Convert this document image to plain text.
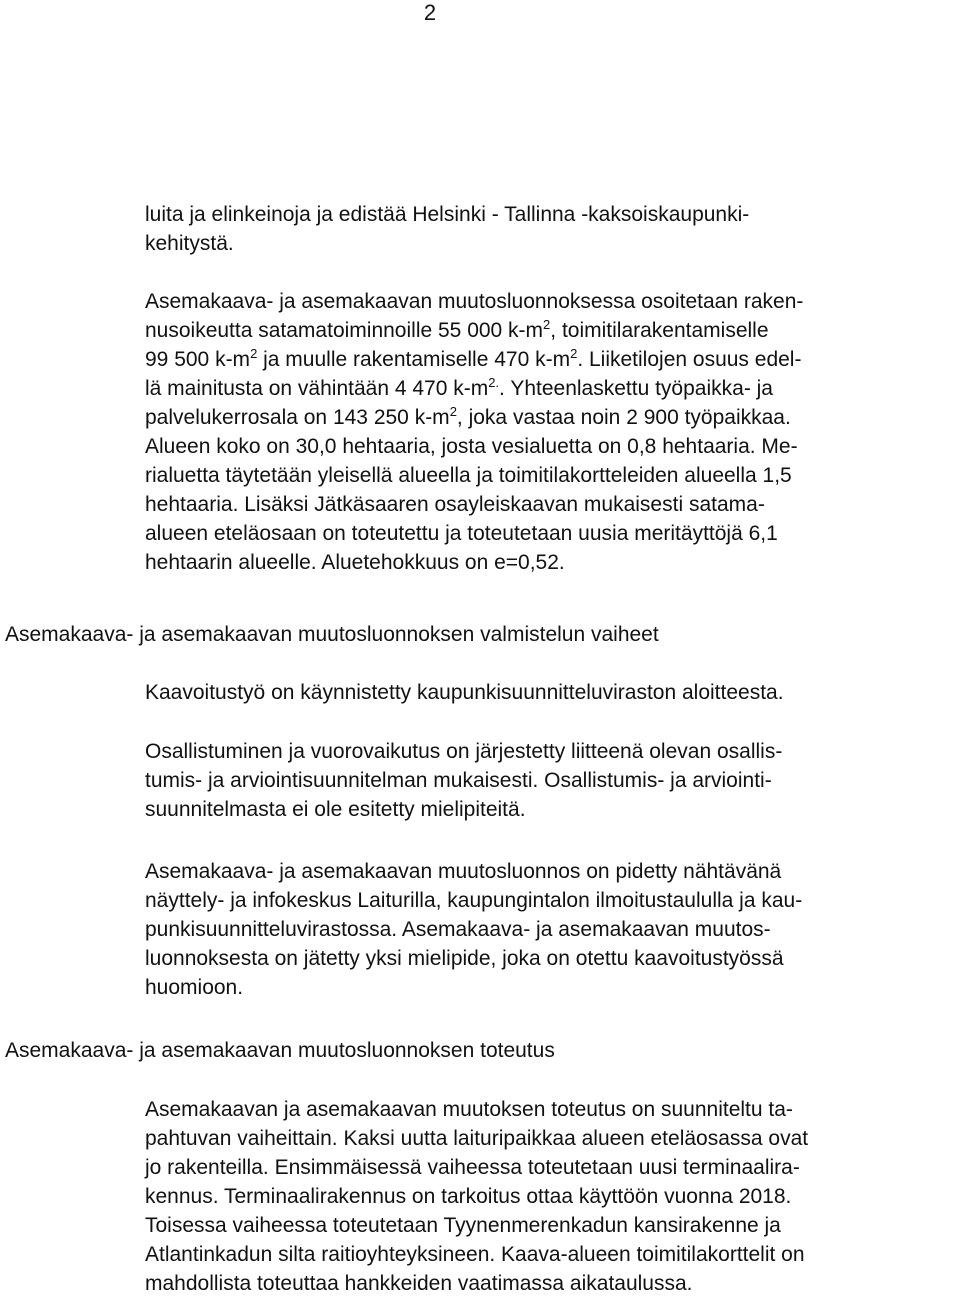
2
luita ja elinkeinoja ja edistää Helsinki - Tallinna -kaksoiskaupunki-
kehitystä.
Asemakaava- ja asemakaavan muutosluonnoksessa osoitetaan raken-
nusoikeutta satamatoiminnoille 55 000 $k-m^2$, toimitilarakentamiselle
99 500 $k-m^2$ ja muulle rakentamiselle 470 $k-m^2$. Liiketilojen osuus edel-
lä mainitusta on vähintään 4 470 $k-m^{2.}$. Yhteenlaskettu työpaikka- ja
palvelukerrosala on 143 250 $k-m^2$, joka vastaa noin 2 900 työpaikkaa.
Alueen koko on 30,0 hehtaaria, josta vesialuetta on 0,8 hehtaaria. Me-
rialuetta täytetään yleisellä alueella ja toimitilakortteleiden alueella 1,5
hehtaaria. Lisäksi Jätkäsaaren osayleiskaavan mukaisesti satama-
alueen eteläosaan on toteutettu ja toteutetaan uusia meritäyttöjä 6,1
hehtaarin alueelle. Aluetehokkuus on e=0,52.
Asemakaava- ja asemakaavan muutosluonnoksen valmistelun vaiheet
Kaavoitustyö on käynnistetty kaupunkisuunnitteluviraston aloitteesta.
Osallistuminen ja vuorovaikutus on järjestetty liitteenä olevan osallis-
tumis- ja arviointisuunnitelman mukaisesti. Osallistumis- ja arviointi-
suunnitelmasta ei ole esitetty mielipiteitä.
Asemakaava- ja asemakaavan muutosluonnos on pidetty nähtävänä
näyttely- ja infokeskus Laiturilla, kaupungintalon ilmoitustaululla ja kau-
punkisuunnitteluvirastossa. Asemakaava- ja asemakaavan muutos-
luonnoksesta on jätetty yksi mielipide, joka on otettu kaavoitustyössä
huomioon.
Asemakaava- ja asemakaavan muutosluonnoksen toteutus
Asemakaavan ja asemakaavan muutoksen toteutus on suunniteltu ta-
pahtuvan vaiheittain. Kaksi uutta laituripaikkaa alueen eteläosassa ovat
jo rakenteilla. Ensimmäisessä vaiheessa toteutetaan uusi terminaalira-
kennus. Terminaalirakennus on tarkoitus ottaa käyttöön vuonna 2018.
Toisessa vaiheessa toteutetaan Tyynenmerenkadun kansirakenne ja
Atlantinkadun silta raitioyhteyksineen. Kaava-alueen toimitilakorttelit on
mahdollista toteuttaa hankkeiden vaatimassa aikataulussa.
